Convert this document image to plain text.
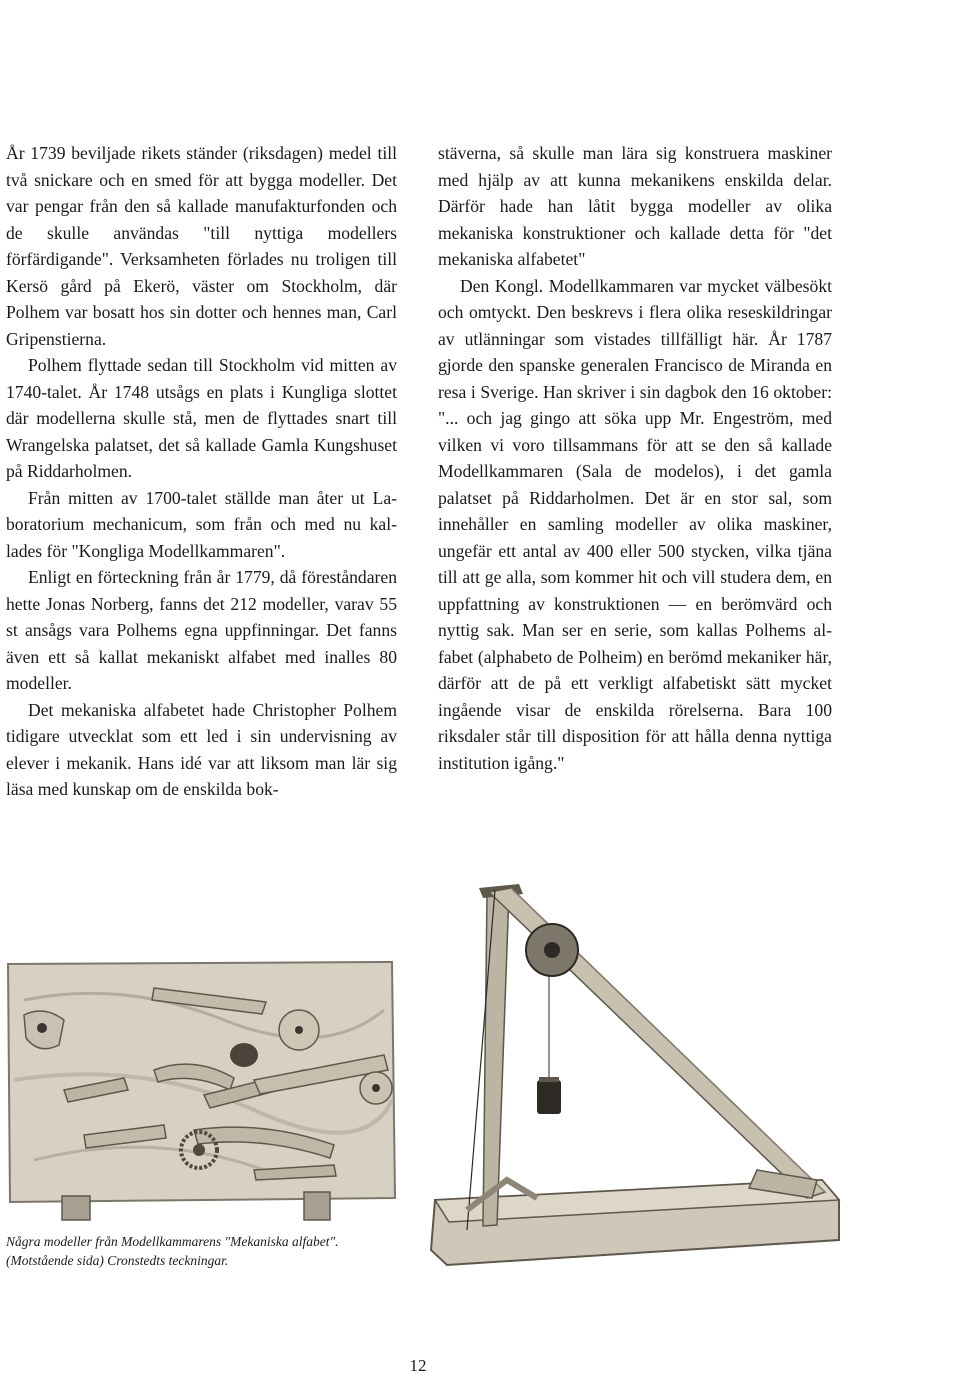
År 1739 beviljade rikets ständer (riksdagen) medel till två snickare och en smed för att bygga modeller. Det var pengar från den så kallade manufakturfonden och de skulle användas "till nyttiga modellers förfärdigande". Verksamheten förlades nu troligen till Kersö gård på Ekerö, väster om Stockholm, där Polhem var bosatt hos sin dotter och hennes man, Carl Gripenstierna.

Polhem flyttade sedan till Stockholm vid mitten av 1740-talet. År 1748 utsågs en plats i Kungliga slottet där modellerna skulle stå, men de flyttades snart till Wrangelska palatset, det så kallade Gamla Kungshuset på Riddarholmen.

Från mitten av 1700-talet ställde man åter ut Laboratorium mechanicum, som från och med nu kallades för "Kongliga Modellkammaren".

Enligt en förteckning från år 1779, då föreståndaren hette Jonas Norberg, fanns det 212 modeller, varav 55 st ansågs vara Polhems egna uppfinningar. Det fanns även ett så kallat mekaniskt alfabet med inalles 80 modeller.

Det mekaniska alfabetet hade Christopher Polhem tidigare utvecklat som ett led i sin undervisning av elever i mekanik. Hans idé var att liksom man lär sig läsa med kunskap om de enskilda bok-

stäverna, så skulle man lära sig konstruera maskiner med hjälp av att kunna mekanikens enskilda delar. Därför hade han låtit bygga modeller av olika mekaniska konstruktioner och kallade detta för "det mekaniska alfabetet"

Den Kongl. Modellkammaren var mycket välbesökt och omtyckt. Den beskrevs i flera olika reseskildringar av utlänningar som vistades tillfälligt här. År 1787 gjorde den spanske generalen Francisco de Miranda en resa i Sverige. Han skriver i sin dagbok den 16 oktober: "... och jag gingo att söka upp Mr. Engeström, med vilken vi voro tillsammans för att se den så kallade Modellkammaren (Sala de modelos), i det gamla palatset på Riddarholmen. Det är en stor sal, som innehåller en samling modeller av olika maskiner, ungefär ett antal av 400 eller 500 stycken, vilka tjäna till att ge alla, som kommer hit och vill studera dem, en uppfattning av konstruktionen — en berömvärd och nyttig sak. Man ser en serie, som kallas Polhems alfabet (alphabeto de Polheim) en berömd mekaniker här, därför att de på ett verkligt alfabetiskt sätt mycket ingående visar de enskilda rörelserna. Bara 100 riksdaler står till disposition för att hålla denna nyttiga institution igång."

Några modeller från Modellkammarens "Mekaniska alfabet".
(Motstående sida) Cronstedts teckningar.
12
